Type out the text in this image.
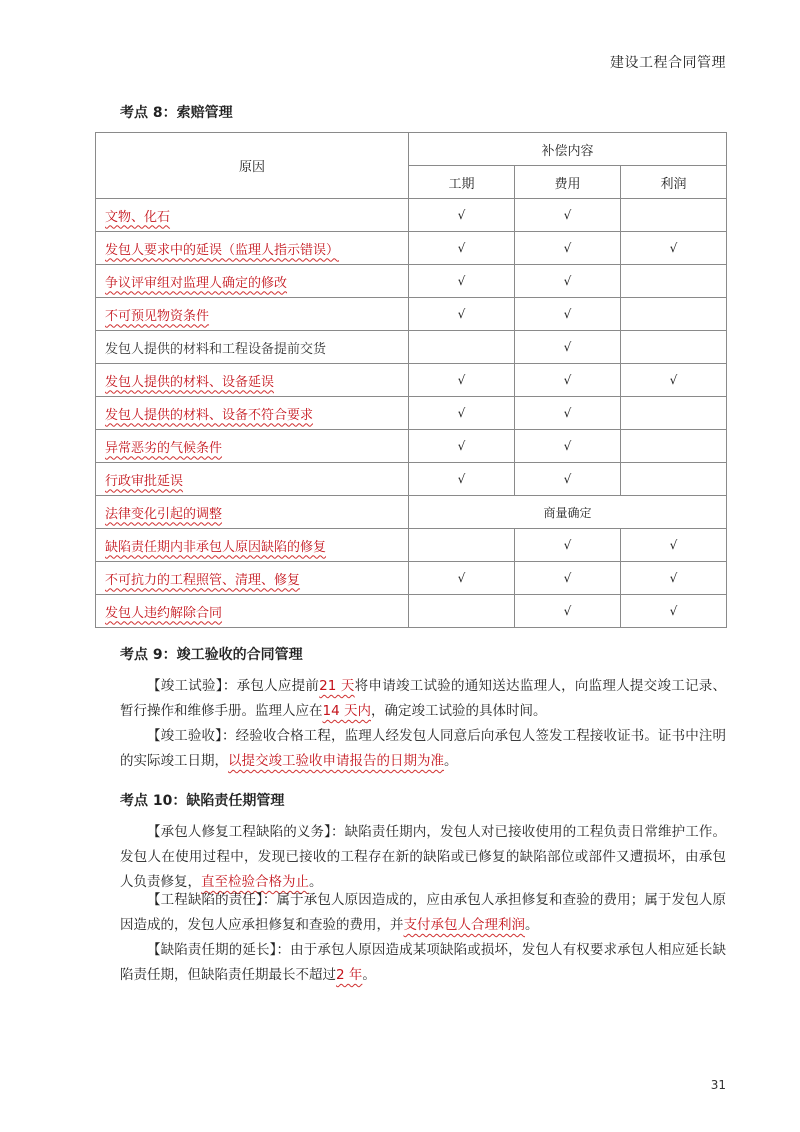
建设工程合同管理
考点 8：索赔管理
原因	补偿内容		
	工期	费用	利润
文物、化石	√	√	
发包人要求中的延误（监理人指示错误）	√	√	√
争议评审组对监理人确定的修改	√	√	
不可预见物资条件	√	√	
发包人提供的材料和工程设备提前交货		√	
发包人提供的材料、设备延误	√	√	√
发包人提供的材料、设备不符合要求	√	√	
异常恶劣的气候条件	√	√	
行政审批延误	√	√	
法律变化引起的调整	商量确定		
缺陷责任期内非承包人原因缺陷的修复		√	√
不可抗力的工程照管、清理、修复	√	√	√
发包人违约解除合同		√	√
考点 9：竣工验收的合同管理

【竣工试验】：承包人应提前21 天将申请竣工试验的通知送达监理人，向监理人提交竣工记录、暂行操作和维修手册。监理人应在14 天内，确定竣工试验的具体时间。

【竣工验收】：经验收合格工程，监理人经发包人同意后向承包人签发工程接收证书。证书中注明的实际竣工日期，以提交竣工验收申请报告的日期为准。

考点 10：缺陷责任期管理

【承包人修复工程缺陷的义务】：缺陷责任期内，发包人对已接收使用的工程负责日常维护工作。发包人在使用过程中，发现已接收的工程存在新的缺陷或已修复的缺陷部位或部件又遭损坏，由承包人负责修复，直至检验合格为止。

【工程缺陷的责任】：属于承包人原因造成的，应由承包人承担修复和查验的费用；属于发包人原因造成的，发包人应承担修复和查验的费用，并支付承包人合理利润。

【缺陷责任期的延长】：由于承包人原因造成某项缺陷或损坏，发包人有权要求承包人相应延长缺陷责任期，但缺陷责任期最长不超过2 年。

31
